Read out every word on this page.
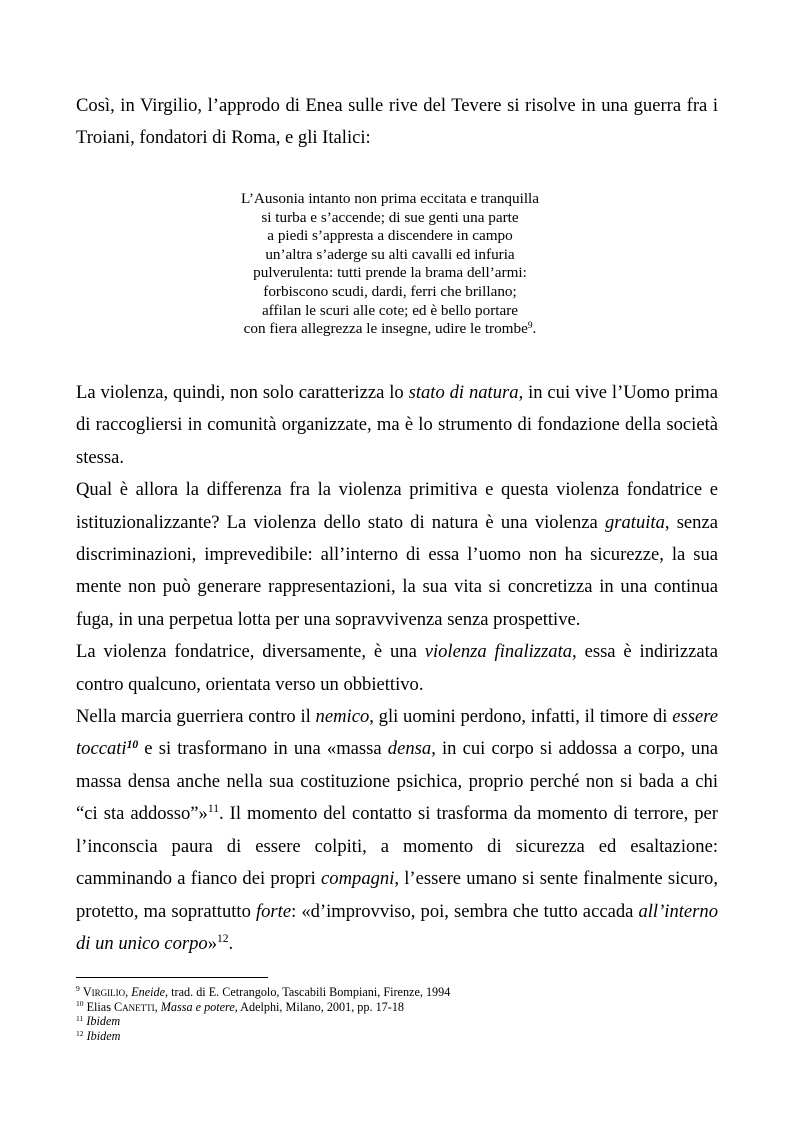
Così, in Virgilio, l’approdo di Enea sulle rive del Tevere si risolve in una guerra fra i Troiani, fondatori di Roma, e gli Italici:
L’Ausonia intanto non prima eccitata e tranquilla
si turba e s’accende; di sue genti una parte
a piedi s’appresta a discendere in campo
un’altra s’aderge su alti cavalli ed infuria
pulverulenta: tutti prende la brama dell’armi:
forbiscono scudi, dardi, ferri che brillano;
affilan le scuri alle cote; ed è bello portare
con fiera allegrezza le insegne, udire le trombe$^9$.

La violenza, quindi, non solo caratterizza lo stato di natura, in cui vive l’Uomo prima di raccogliersi in comunità organizzate, ma è lo strumento di fondazione della società stessa.

Qual è allora la differenza fra la violenza primitiva e questa violenza fondatrice e istituzionalizzante? La violenza dello stato di natura è una violenza gratuita, senza discriminazioni, imprevedibile: all’interno di essa l’uomo non ha sicurezze, la sua mente non può generare rappresentazioni, la sua vita si concretizza in una continua fuga, in una perpetua lotta per una sopravvivenza senza prospettive.

La violenza fondatrice, diversamente, è una violenza finalizzata, essa è indirizzata contro qualcuno, orientata verso un obbiettivo.

Nella marcia guerriera contro il nemico, gli uomini perdono, infatti, il timore di essere toccati$^{10}$ e si trasformano in una «massa densa, in cui corpo si addossa a corpo, una massa densa anche nella sua costituzione psichica, proprio perché non si bada a chi “ci sta addosso”»$^{11}$. Il momento del contatto si trasforma da momento di terrore, per l’inconscia paura di essere colpiti, a momento di sicurezza ed esaltazione: camminando a fianco dei propri compagni, l’essere umano si sente finalmente sicuro, protetto, ma soprattutto forte: «d’improvviso, poi, sembra che tutto accada all’interno di un unico corpo»$^{12}$.

$^9$ Virgilio, Eneide, trad. di E. Cetrangolo, Tascabili Bompiani, Firenze, 1994
$^{10}$ Elias Canetti, Massa e potere, Adelphi, Milano, 2001, pp. 17-18
$^{11}$ Ibidem
$^{12}$ Ibidem
